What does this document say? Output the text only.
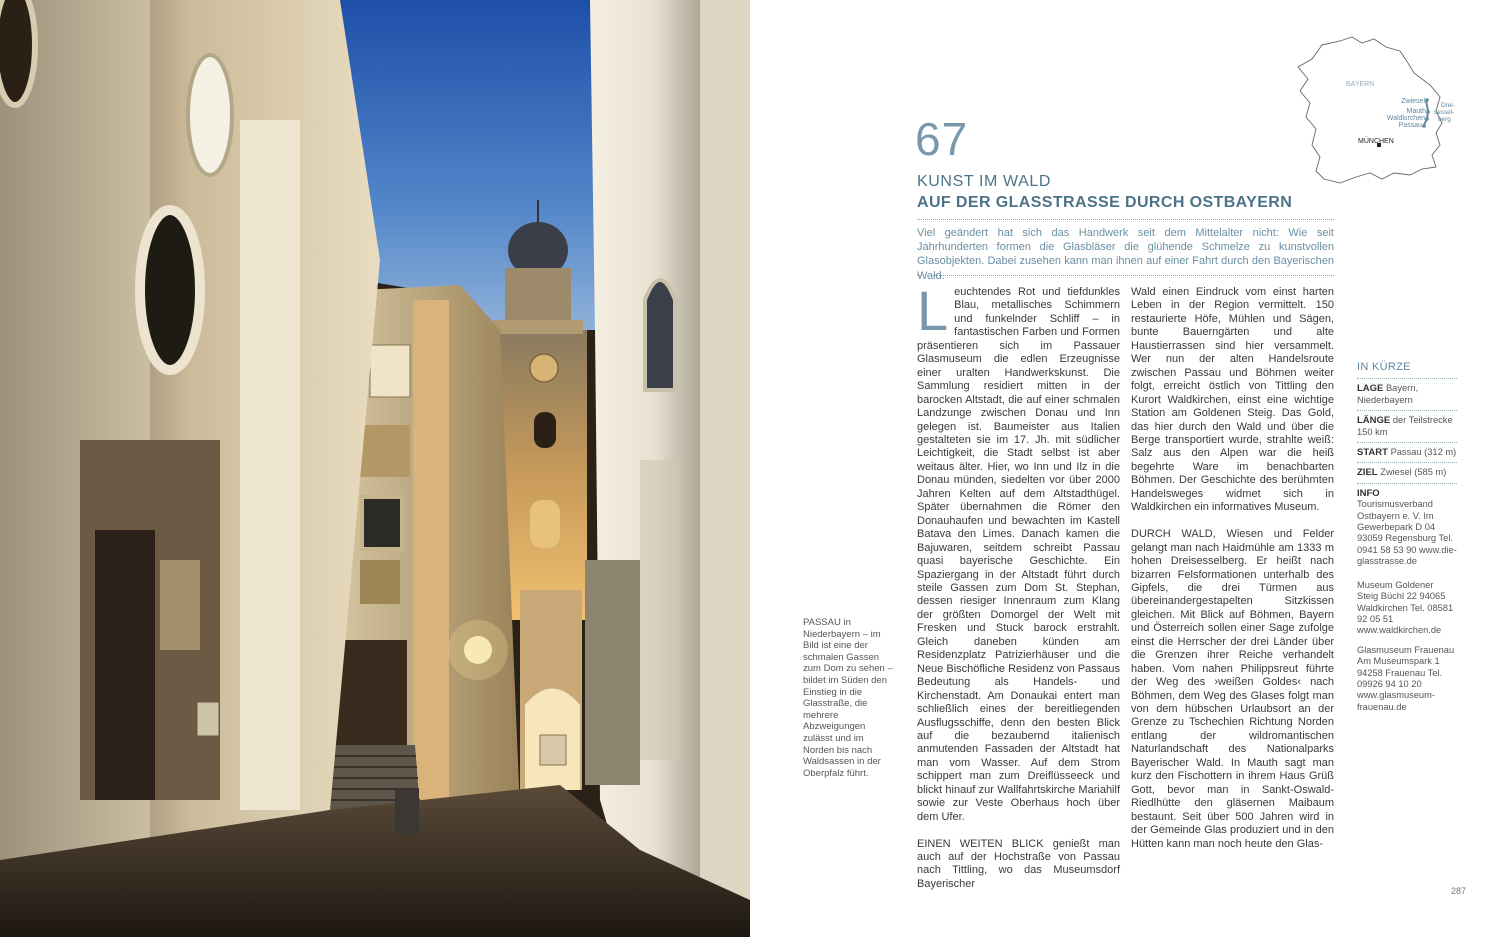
PASSAU in Niederbayern – im Bild ist eine der schmalen Gassen zum Dom zu sehen – bildet im Süden den Einstieg in die Glasstraße, die mehrere Abzweigungen zulässt und im Norden bis nach Waldsassen in der Oberpfalz führt.
BAYERN
MÜNCHEN
Zwiesel
Mauth
Waldkirchen
Passau
Drei-sessel-berg
67
KUNST IM WALD
AUF DER GLASSTRASSE DURCH OSTBAYERN
Viel geändert hat sich das Handwerk seit dem Mittelalter nicht: Wie seit Jahrhunderten formen die Glasbläser die glühende Schmelze zu kunstvollen Glasobjekten. Dabei zusehen kann man ihnen auf einer Fahrt durch den Bayerischen Wald.

Leuchtendes Rot und tiefdunkles Blau, metallisches Schimmern und funkelnder Schliff – in fantastischen Farben und Formen präsentieren sich im Passauer Glasmuseum die edlen Erzeugnisse einer uralten Handwerkskunst. Die Sammlung residiert mitten in der barocken Altstadt, die auf einer schmalen Landzunge zwischen Donau und Inn gelegen ist. Baumeister aus Italien gestalteten sie im 17. Jh. mit südlicher Leichtigkeit, die Stadt selbst ist aber weitaus älter. Hier, wo Inn und Ilz in die Donau münden, siedelten vor über 2000 Jahren Kelten auf dem Altstadthügel. Später übernahmen die Römer den Donauhaufen und bewachten im Kastell Batava den Limes. Danach kamen die Bajuwaren, seitdem schreibt Passau quasi bayerische Geschichte. Ein Spaziergang in der Altstadt führt durch steile Gassen zum Dom St. Stephan, dessen riesiger Innenraum zum Klang der größten Domorgel der Welt mit Fresken und Stuck barock erstrahlt. Gleich daneben künden am Residenzplatz Patrizierhäuser und die Neue Bischöfliche Residenz von Passaus Bedeutung als Handels- und Kirchenstadt. Am Donaukai entert man schließlich eines der bereitliegenden Ausflugsschiffe, denn den besten Blick auf die bezaubernd italienisch anmutenden Fassaden der Altstadt hat man vom Wasser. Auf dem Strom schippert man zum Dreiflüsseeck und blickt hinauf zur Wallfahrtskirche Mariahilf sowie zur Veste Oberhaus hoch über dem Ufer.

EINEN WEITEN BLICK genießt man auch auf der Hochstraße von Passau nach Tittling, wo das Museumsdorf Bayerischer

Wald einen Eindruck vom einst harten Leben in der Region vermittelt. 150 restaurierte Höfe, Mühlen und Sägen, bunte Bauerngärten und alte Haustierrassen sind hier versammelt. Wer nun der alten Handelsroute zwischen Passau und Böhmen weiter folgt, erreicht östlich von Tittling den Kurort Waldkirchen, einst eine wichtige Station am Goldenen Steig. Das Gold, das hier durch den Wald und über die Berge transportiert wurde, strahlte weiß: Salz aus den Alpen war die heiß begehrte Ware im benachbarten Böhmen. Der Geschichte des berühmten Handelsweges widmet sich in Waldkirchen ein informatives Museum.

DURCH WALD, Wiesen und Felder gelangt man nach Haidmühle am 1333 m hohen Dreisesselberg. Er heißt nach bizarren Felsformationen unterhalb des Gipfels, die drei Türmen aus übereinandergestapelten Sitzkissen gleichen. Mit Blick auf Böhmen, Bayern und Österreich sollen einer Sage zufolge einst die Herrscher der drei Länder über die Grenzen ihrer Reiche verhandelt haben. Vom nahen Philippsreut führte der Weg des ›weißen Goldes‹ nach Böhmen, dem Weg des Glases folgt man von dem hübschen Urlaubsort an der Grenze zu Tschechien Richtung Norden entlang der wildromantischen Naturlandschaft des Nationalparks Bayerischer Wald. In Mauth sagt man kurz den Fischottern in ihrem Haus Grüß Gott, bevor man in Sankt-Oswald-Riedlhütte den gläsernen Maibaum bestaunt. Seit über 500 Jahren wird in der Gemeinde Glas produziert und in den Hütten kann man noch heute den Glas-

IN KÜRZE
LAGE Bayern, Niederbayern
LÄNGE der Teilstrecke 150 km
START Passau (312 m)
ZIEL Zwiesel (585 m)
INFO Tourismusverband Ostbayern e. V. Im Gewerbepark D 04 93059 Regensburg Tel. 0941 58 53 90 www.die-glasstrasse.de
Museum Goldener Steig Büchl 22 94065 Waldkirchen Tel. 08581 92 05 51 www.waldkirchen.de
Glasmuseum Frauenau Am Museumspark 1 94258 Frauenau Tel. 09926 94 10 20 www.glasmuseum-frauenau.de
287
